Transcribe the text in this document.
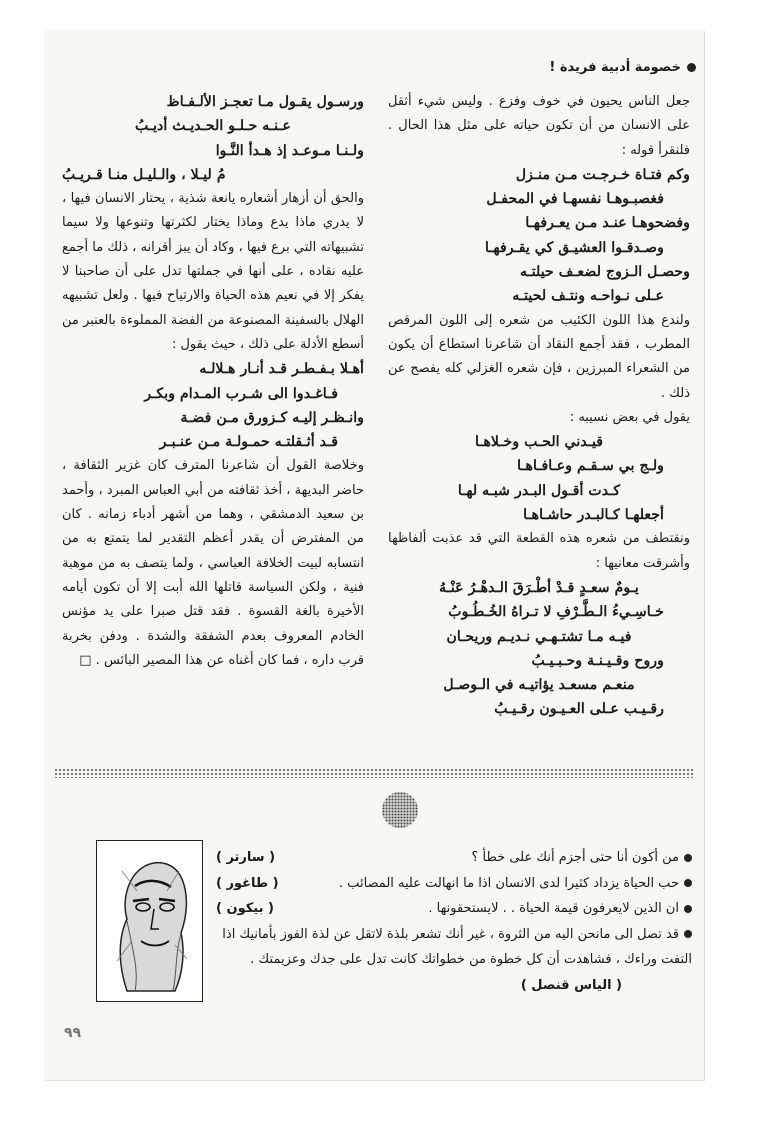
خصومة أدبية فريدة !

جعل الناس يحيون في خوف وفزع . وليس شيء أثقل على الانسان من أن تكون حياته على مثل هذا الحال . فلنقرأ قوله :

وكم فتـاة خـرجـت مـن منـزل

فغصبـوهـا نفسهـا في المحفـل

وفضحوهـا عنـد مـن يعـرفهـا

وصـدقـوا العشيـق كي يقـرفهـا

وحصـل الـزوج لضعـف حيلتـه

عـلى نـواحـه ونتـف لحيتـه

ولندع هذا اللون الكئيب من شعره إلى اللون المرقص المطرب ، فقد أجمع النقاد أن شاعرنا استطاع أن يكون من الشعراء المبرزين ، فإن شعره الغزلي كله يفصح عن ذلك .

يقول في بعض نسيبه :

قيـدني الحـب وخـلاهـا

ولـج بي سـقـم وعـافـاهـا

كـدت أقـول البـدر شبـه لهـا

أجعلهـا كـالبـدر حاشـاهـا

ونقتطف من شعره هذه القطعة التي قد عذبت ألفاظها وأشرقت معانيها :

يـومٌ سعـدٍ قـدْ أطْـرَقَ الـدهْـرُ عَنْـهُ

خـاسِـيءُ الـطَّـرْفِ لا تـراهُ الخُـطُـوبُ

فيـه مـا تشتـهـي نـديـم وريحـان

وروح وقـيـنـة وحـبـيـبُ

منعـم مسعـد يؤاتيـه في الـوصـل

رقـيـب عـلى العـيـون رقـيـبُ

ورسـول يقـول مـا تعجـز الألـفـاظ

عـنـه حـلـو الحـديـث أديـبُ

ولـنـا مـوعـد إذ هـدأ النَّـوا

مُ ليـلا ، والـليـل منـا قـريـبُ

والحق أن أزهار أشعاره يانعة شذية ، يحتار الانسان فيها ، لا يدري ماذا يدع وماذا يختار لكثرتها وتنوعها ولا سيما تشبيهاته التي برع فيها ، وكاد أن يبز أقرانه ، ذلك ما أجمع عليه نقاده ، على أنها في جملتها تدل على أن صاحبنا لا يفكر إلا في نعيم هذه الحياة والارتياح فيها . ولعل تشبيهه الهلال بالسفينة المصنوعة من الفضة المملوءة بالعنبر من أسطع الأدلة على ذلك ، حيث يقول :

أهـلا بـفـطـر قـد أنـار هـلالـه

فـاغـدوا الى شـرب المـدام وبكـر

وانـظـر إليـه كـزورق مـن فضـة

قـد أثـقلتـه حمـولـة مـن عنـبـر

وخلاصة القول أن شاعرنا المترف كان غزير الثقافة ، حاضر البديهة ، أخذ ثقافته من أبي العباس المبرد ، وأحمد بن سعيد الدمشقي ، وهما من أشهر أدباء زمانه . كان من المفترض أن يقدر أعظم التقدير لما يتمتع به من انتسابه لبيت الخلافة العباسي ، ولما يتصف به من موهبة فنية ، ولكن السياسة قاتلها الله أبت إلا أن تكون أيامه الأخيرة بالغة القسوة . فقد قتل صبرا على يد مؤنس الخادم المعروف بعدم الشفقة والشدة . ودفن بخربة قرب داره ، فما كان أغناه عن هذا المصير البائس . □

من أكون أنا حتى أجزم أنك على خطأ ؟
( سارتر )

حب الحياة يزداد كثيرا لدى الانسان اذا ما انهالت عليه المصائب .
( طاغور )

ان الذين لايعرفون قيمة الحياة . . لايستحقونها .
( بيكون )

قد تصل الى مانحن اليه من الثروة ، غير أنك تشعر بلذة لاتقل عن لذة الفوز بأمانيك اذا التفت وراءك ، فشاهدت أن كل خطوة من خطواتك كانت تدل على جدك وعزيمتك . ( الياس قنصل )

٩٩
